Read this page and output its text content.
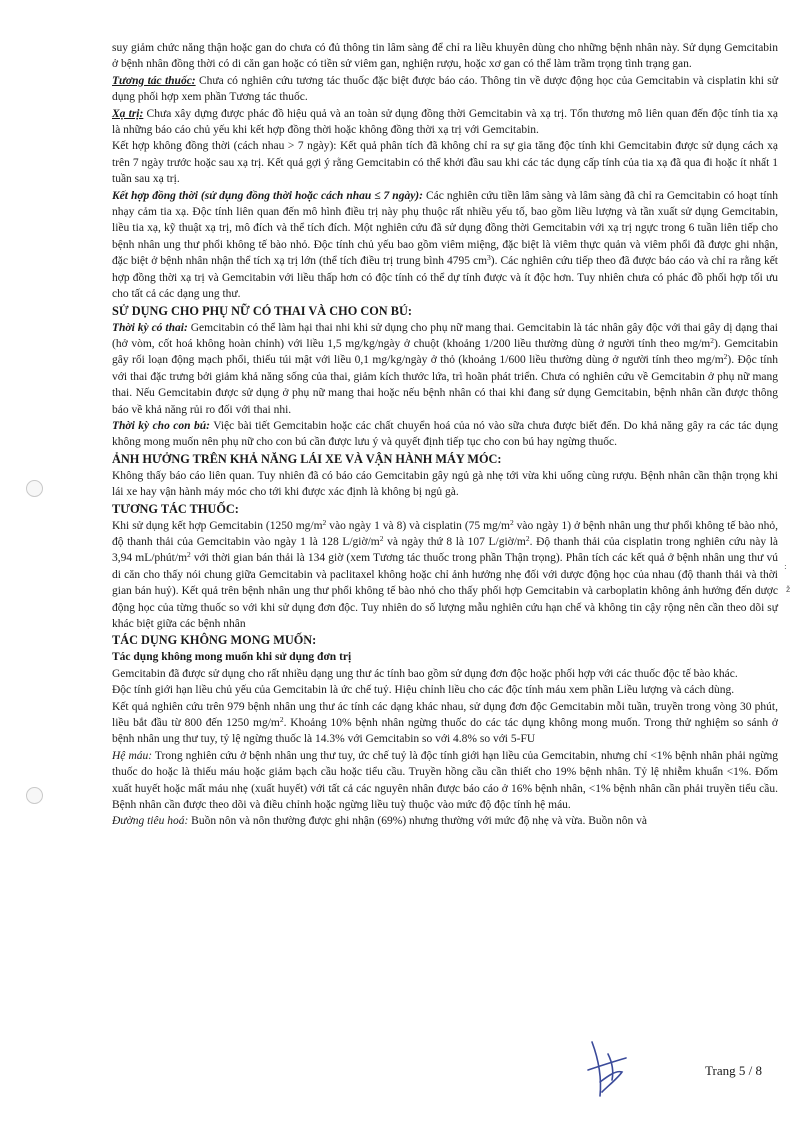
:
ž

suy giảm chức năng thận hoặc gan do chưa có đủ thông tin lâm sàng để chỉ ra liều khuyên dùng cho những bệnh nhân này. Sử dụng Gemcitabin ở bệnh nhân đồng thời có di căn gan hoặc có tiền sử viêm gan, nghiện rượu, hoặc xơ gan có thể làm trầm trọng tình trạng gan.

Tương tác thuốc: Chưa có nghiên cứu tương tác thuốc đặc biệt được báo cáo. Thông tin về dược động học của Gemcitabin và cisplatin khi sử dụng phối hợp xem phần Tương tác thuốc.

Xạ trị: Chưa xây dựng được phác đồ hiệu quả và an toàn sử dụng đồng thời Gemcitabin và xạ trị. Tổn thương mô liên quan đến độc tính tia xạ là những báo cáo chủ yếu khi kết hợp đồng thời hoặc không đồng thời xạ trị với Gemcitabin.

Kết hợp không đồng thời (cách nhau > 7 ngày): Kết quả phân tích đã không chỉ ra sự gia tăng độc tính khi Gemcitabin được sử dụng cách xạ trên 7 ngày trước hoặc sau xạ trị. Kết quả gợi ý rằng Gemcitabin có thể khởi đầu sau khi các tác dụng cấp tính của tia xạ đã qua đi hoặc ít nhất 1 tuần sau xạ trị.

Kết hợp đồng thời (sử dụng đồng thời hoặc cách nhau ≤ 7 ngày): Các nghiên cứu tiền lâm sàng và lâm sàng đã chỉ ra Gemcitabin có hoạt tính nhạy cảm tia xạ. Độc tính liên quan đến mô hình điều trị này phụ thuộc rất nhiều yếu tố, bao gồm liều lượng và tần xuất sử dụng Gemcitabin, liều tia xạ, kỹ thuật xạ trị, mô đích và thể tích đích. Một nghiên cứu đã sử dụng đồng thời Gemcitabin với xạ trị ngực trong 6 tuần liên tiếp cho bệnh nhân ung thư phổi không tế bào nhỏ. Độc tính chủ yếu bao gồm viêm miệng, đặc biệt là viêm thực quản và viêm phổi đã được ghi nhận, đặc biệt ở bệnh nhân nhận thể tích xạ trị lớn (thể tích điều trị trung bình 4795 $cm^3$). Các nghiên cứu tiếp theo đã được báo cáo và chỉ ra rằng kết hợp đồng thời xạ trị và Gemcitabin với liều thấp hơn có độc tính có thể dự tính được và ít độc hơn. Tuy nhiên chưa có phác đồ phối hợp tối ưu cho tất cả các dạng ung thư.

SỬ DỤNG CHO PHỤ NỮ CÓ THAI VÀ CHO CON BÚ:

Thời kỳ có thai: Gemcitabin có thể làm hại thai nhi khi sử dụng cho phụ nữ mang thai. Gemcitabin là tác nhân gây độc với thai gây dị dạng thai (hở vòm, cốt hoá không hoàn chỉnh) với liều 1,5 mg/kg/ngày ở chuột (khoảng 1/200 liều thường dùng ở người tính theo $mg/m^2$). Gemcitabin gây rối loạn động mạch phổi, thiếu túi mật với liều 0,1 mg/kg/ngày ở thỏ (khoảng 1/600 liều thường dùng ở người tính theo $mg/m^2$). Độc tính với thai đặc trưng bởi giảm khả năng sống của thai, giảm kích thước lứa, trì hoãn phát triển. Chưa có nghiên cứu về Gemcitabin ở phụ nữ mang thai. Nếu Gemcitabin được sử dụng ở phụ nữ mang thai hoặc nếu bệnh nhân có thai khi đang sử dụng Gemcitabin, bệnh nhân cần được thông báo về khả năng rủi ro đối với thai nhi.

Thời kỳ cho con bú: Việc bài tiết Gemcitabin hoặc các chất chuyển hoá của nó vào sữa chưa được biết đến. Do khả năng gây ra các tác dụng không mong muốn nên phụ nữ cho con bú cần được lưu ý và quyết định tiếp tục cho con bú hay ngừng thuốc.

ẢNH HƯỞNG TRÊN KHẢ NĂNG LÁI XE VÀ VẬN HÀNH MÁY MÓC:

Không thấy báo cáo liên quan. Tuy nhiên đã có báo cáo Gemcitabin gây ngủ gà nhẹ tới vừa khi uống cùng rượu. Bệnh nhân cần thận trọng khi lái xe hay vận hành máy móc cho tới khi được xác định là không bị ngủ gà.

TƯƠNG TÁC THUỐC:

Khi sử dụng kết hợp Gemcitabin (1250 $mg/m^2$ vào ngày 1 và 8) và cisplatin (75 $mg/m^2$ vào ngày 1) ở bệnh nhân ung thư phổi không tế bào nhỏ, độ thanh thải của Gemcitabin vào ngày 1 là 128 $L/giờ/m^2$ và ngày thứ 8 là 107 $L/giờ/m^2$. Độ thanh thải của cisplatin trong nghiên cứu này là 3,94 $mL/phút/m^2$ với thời gian bán thải là 134 giờ (xem Tương tác thuốc trong phần Thận trọng). Phân tích các kết quả ở bệnh nhân ung thư vú di căn cho thấy nói chung giữa Gemcitabin và paclitaxel không hoặc chỉ ảnh hưởng nhẹ đối với dược động học của nhau (độ thanh thải và thời gian bán huỷ). Kết quả trên bệnh nhân ung thư phổi không tế bào nhỏ cho thấy phối hợp Gemcitabin và carboplatin không ảnh hưởng đến dược động học của từng thuốc so với khi sử dụng đơn độc. Tuy nhiên do số lượng mẫu nghiên cứu hạn chế và không tin cậy rộng nên cần theo dõi sự khác biệt giữa các bệnh nhân

TÁC DỤNG KHÔNG MONG MUỐN:

Tác dụng không mong muốn khi sử dụng đơn trị

Gemcitabin đã được sử dụng cho rất nhiều dạng ung thư ác tính bao gồm sử dụng đơn độc hoặc phối hợp với các thuốc độc tế bào khác.

Độc tính giới hạn liều chủ yếu của Gemcitabin là ức chế tuỷ. Hiệu chỉnh liều cho các độc tính máu xem phần Liều lượng và cách dùng.

Kết quả nghiên cứu trên 979 bệnh nhân ung thư ác tính các dạng khác nhau, sử dụng đơn độc Gemcitabin mỗi tuần, truyền trong vòng 30 phút, liều bắt đầu từ 800 đến 1250 $mg/m^2$. Khoảng 10% bệnh nhân ngừng thuốc do các tác dụng không mong muốn. Trong thử nghiệm so sánh ở bệnh nhân ung thư tuy, tỷ lệ ngừng thuốc là 14.3% với Gemcitabin so với 4.8% so với 5-FU

Hệ máu: Trong nghiên cứu ở bệnh nhân ung thư tuy, ức chế tuỷ là độc tính giới hạn liều của Gemcitabin, nhưng chỉ <1% bệnh nhân phải ngừng thuốc do hoặc là thiếu máu hoặc giảm bạch cầu hoặc tiểu cầu. Truyền hồng cầu cần thiết cho 19% bệnh nhân. Tỷ lệ nhiễm khuẩn <1%. Đốm xuất huyết hoặc mất máu nhẹ (xuất huyết) với tất cả các nguyên nhân được báo cáo ở 16% bệnh nhân, <1% bệnh nhân cần phải truyền tiểu cầu. Bệnh nhân cần được theo dõi và điều chỉnh hoặc ngừng liều tuỳ thuộc vào mức độ độc tính hệ máu.

Đường tiêu hoá: Buồn nôn và nôn thường được ghi nhận (69%) nhưng thường với mức độ nhẹ và vừa. Buồn nôn và

Trang 5 / 8
